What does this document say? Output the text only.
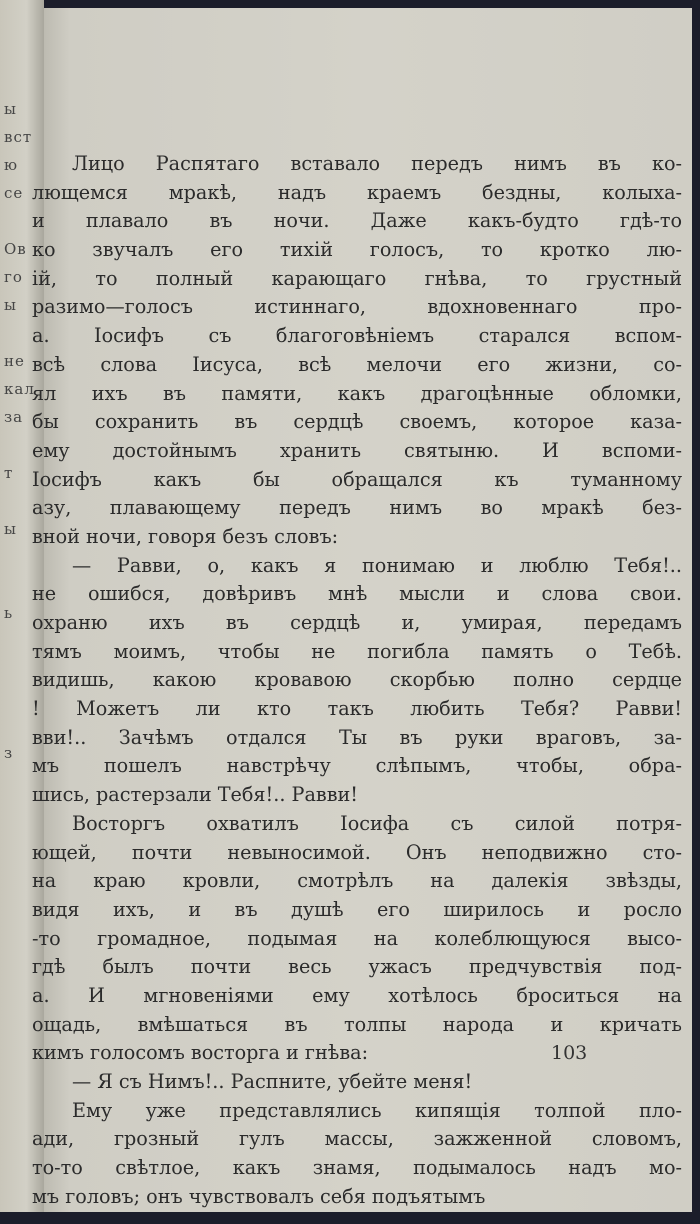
ы
вст
ю
се
Ов
го
ы
не
кал
за
т
ы
ь
з
Лицо Распятаго вставало передъ нимъ въ ко-
лющемся мракѣ, надъ краемъ бездны, колыха-
и плавало въ ночи. Даже какъ-будто гдѣ-то
ко звучалъ его тихій голосъ, то кротко лю-
ій, то полный карающаго гнѣва, то грустный
разимо—голосъ истиннаго, вдохновеннаго про-
а. Іосифъ съ благоговѣніемъ старался вспом-
всѣ слова Іисуса, всѣ мелочи его жизни, со-
ял ихъ въ памяти, какъ драгоцѣнные обломки,
бы сохранить въ сердцѣ своемъ, которое каза-
ему достойнымъ хранить святыню. И вспоми-
Іосифъ какъ бы обращался къ туманному
азу, плавающему передъ нимъ во мракѣ без-
вной ночи, говоря безъ словъ:
— Равви, о, какъ я понимаю и люблю Тебя!..
не ошибся, довѣривъ мнѣ мысли и слова свои.
охраню ихъ въ сердцѣ и, умирая, передамъ
тямъ моимъ, чтобы не погибла память о Тебѣ.
видишь, какою кровавою скорбью полно сердце
! Можетъ ли кто такъ любить Тебя? Равви!
вви!.. Зачѣмъ отдался Ты въ руки враговъ, за-
мъ пошелъ навстрѣчу слѣпымъ, чтобы, обра-
шись, растерзали Тебя!.. Равви!
Восторгъ охватилъ Іосифа съ силой потря-
ющей, почти невыносимой. Онъ неподвижно сто-
на краю кровли, смотрѣлъ на далекія звѣзды,
видя ихъ, и въ душѣ его ширилось и росло
-то громадное, подымая на колеблющуюся высо-
гдѣ былъ почти весь ужасъ предчувствія под-
а. И мгновеніями ему хотѣлось броситься на
ощадь, вмѣшаться въ толпы народа и кричать
кимъ голосомъ восторга и гнѣва:
— Я съ Нимъ!.. Распните, убейте меня!
Ему уже представлялись кипящія толпой пло-
ади, грозный гулъ массы, зажженной словомъ,
то-то свѣтлое, какъ знамя, подымалось надъ мо-
мъ головъ; онъ чувствовалъ себя подъятымъ
103
